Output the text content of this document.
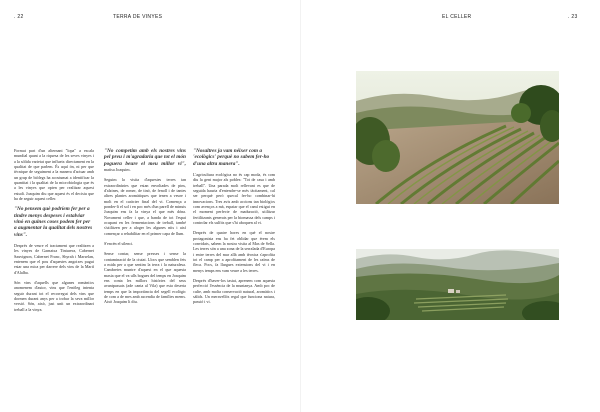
. 22	TERRA DE VINYES	EL CELLER	. 23

Format part d'un alternant "lopa" a escala mundial quant a la riquesa de les seves vinyes i a la sòlida varietat que influeix directament en la qualitat de que parlem. És aquí ón, ni per que tècnique de seguiment a la manera d'actuar amb un grup de biòlegs ha acostumat a identificar la quantitat i la qualitat de la microbiologia que és a les vinyes que opten per realitzar aquest estudi. Joaquim diu que aquest és el decisiu que ha de seguir aquest celler.

"No pensem què podríem fer per a tindre menys despeses i estalviar vinó en quines coses podem fer per a augmentar la qualitat dels nostres vins".

Després de veure el tractament que realitzen a les vinyes de Garnatxa Tinturera, Cabernet Sauvignon, Cabernet Franc, Shyrah i Marselan, entenem que el pou d'aquestes angoixes pugui estar una mica per darrere dels vins de la Martí d'Alalba.

Són vins d'aquells que algunes romàntics anomenem d'autor, vins que l'enòleg intenta seguir durant tot el recorregut dels vins que dormen durant anys per a trobar la seva millor versió. Són, això, just unit un extraordinari treball a la vinya.

"No competim amb els nostres vins pel preu i m'agradaria que tot el món poguera beure el meu millor vi", matisa Joaquim.

Seguim la visita d'aquestes terres tan extraordinàries que estan envoltades de pins, d'alzines, de romer, de tinó, de fenoll i de tantes altres plantes aromàtiques que tenen a veure i molt en el caràcter final del vi. Comença a ponder-li el sol i en poc més d'un parell de minuts Joaquim ens fa la vinya el que més dóna. Novament celler i que, a banda de tot l'espai ocupant en les fermentacions de treball, també s'utilitzen per a aloger les algunes nits i així començar a rehabilitar en el primer capa de llum.

S'encén el silenci.

Sense contar, sense presses i sense la contaminació de la ciutat. Llocs que semblen fets a mida per a que sentim la terra i la naturalesa. Cambretes muntre d'aquest en el que aquesta masia que el va ulls bogues del temps en Joaquim ens conta les millors històries del seus avantpassats (ade canta al Vila) que esta deserta temps en que la importància del segell ecològic de com a de mes amb ascendia de famílies mems. Això Joaquim li diu.

"Nosaltres ja vam néixer com a 'ecològics' perquè no sabem fer-ho d'una altra manera".

L'agricultura ecològica no és cap moda, és com diu la gent major als pobles: "Tot de casa i amb treball". Una parada molt rellevant es que de seguida hauria d'entendre-se més tàcitament, cal ser perquè però quecal fer-ho combinar-hi innovacions. Tres avis amb accions tan biològics com avenços a mà, espaiar que el camí estigui en el moment perfecte de maduració, utilitzar fertilitzants generats per la biomassa dels camps i controlar els sulfits que s'hi aboquen al vi.

Després de quatre hores en què el nostre protagonista ens ha fet oblidar que érem els convidats, sabem la nostra visita al Mas de Sella. Les terres són a una zona de la serralada d'Europa i entre terres del mar allà amb tècnica s'aprofita tot el camp per a aprofitament de les raïms de fleca. Pocs, fa llargues extensions del vi i en menys temps ens vam veure a les terres.

Després d'haver-los tastat, aprenem com aquesta perfecció l'essència de la muntanya. Amb poc de culte, amb molta conservació natural, aromàtics i sàlids. Un meravellós regal que funciona natura, passió i vi.
